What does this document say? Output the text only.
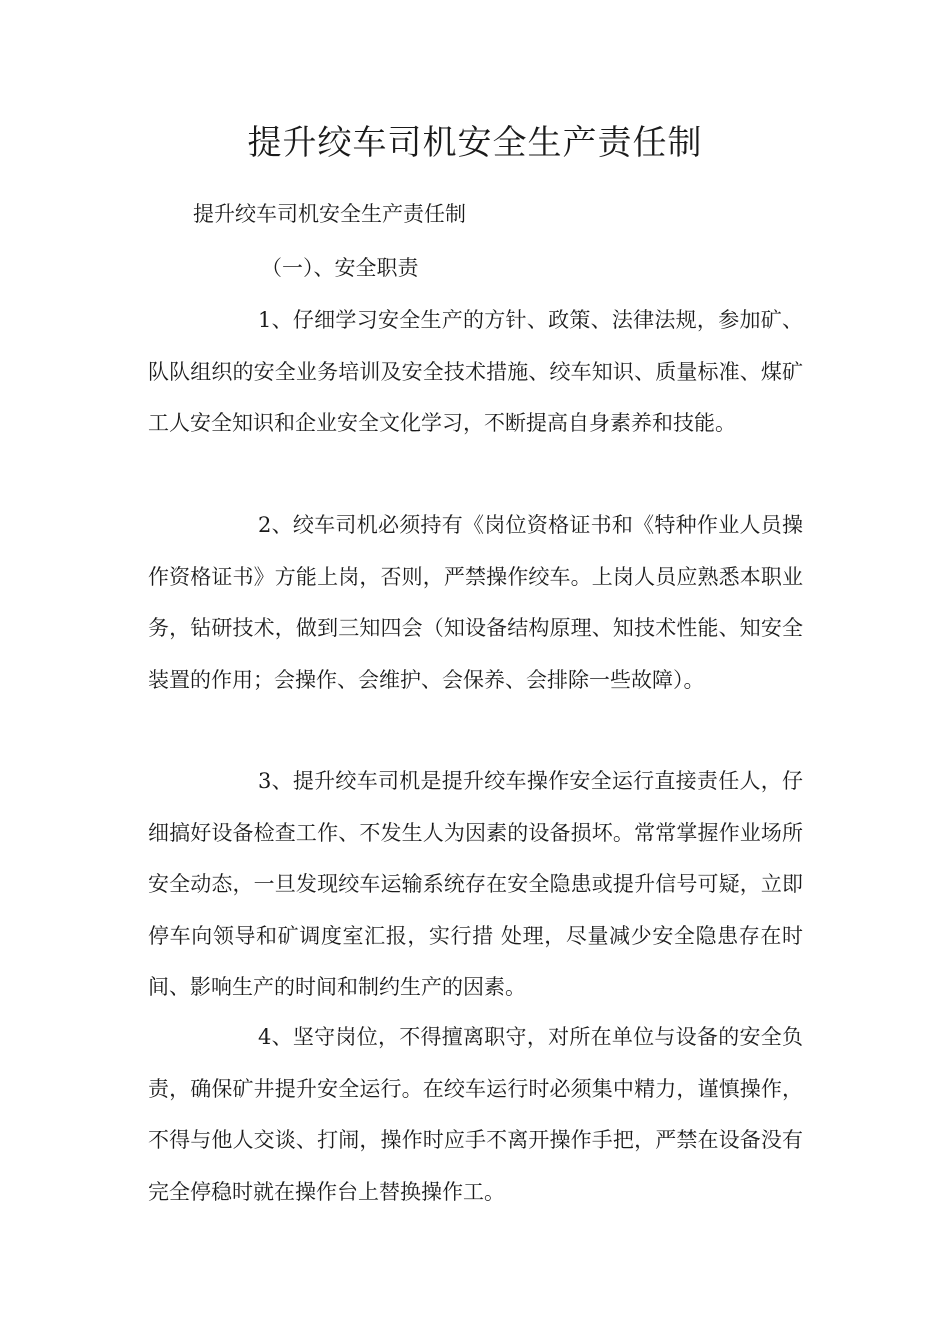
提升绞车司机安全生产责任制

提升绞车司机安全生产责任制

（一）、安全职责

1、仔细学习安全生产的方针、政策、法律法规，参加矿、队队组织的安全业务培训及安全技术措施、绞车知识、质量标准、煤矿工人安全知识和企业安全文化学习，不断提高自身素养和技能。

2、绞车司机必须持有《岗位资格证书和《特种作业人员操作资格证书》方能上岗，否则，严禁操作绞车。上岗人员应熟悉本职业务，钻研技术，做到三知四会（知设备结构原理、知技术性能、知安全装置的作用；会操作、会维护、会保养、会排除一些故障）。

3、提升绞车司机是提升绞车操作安全运行直接责任人，仔细搞好设备检查工作、不发生人为因素的设备损坏。常常掌握作业场所安全动态，一旦发现绞车运输系统存在安全隐患或提升信号可疑，立即停车向领导和矿调度室汇报，实行措 处理，尽量减少安全隐患存在时间、影响生产的时间和制约生产的因素。

4、坚守岗位，不得擅离职守，对所在单位与设备的安全负责，确保矿井提升安全运行。在绞车运行时必须集中精力，谨慎操作，不得与他人交谈、打闹，操作时应手不离开操作手把，严禁在设备没有完全停稳时就在操作台上替换操作工。
